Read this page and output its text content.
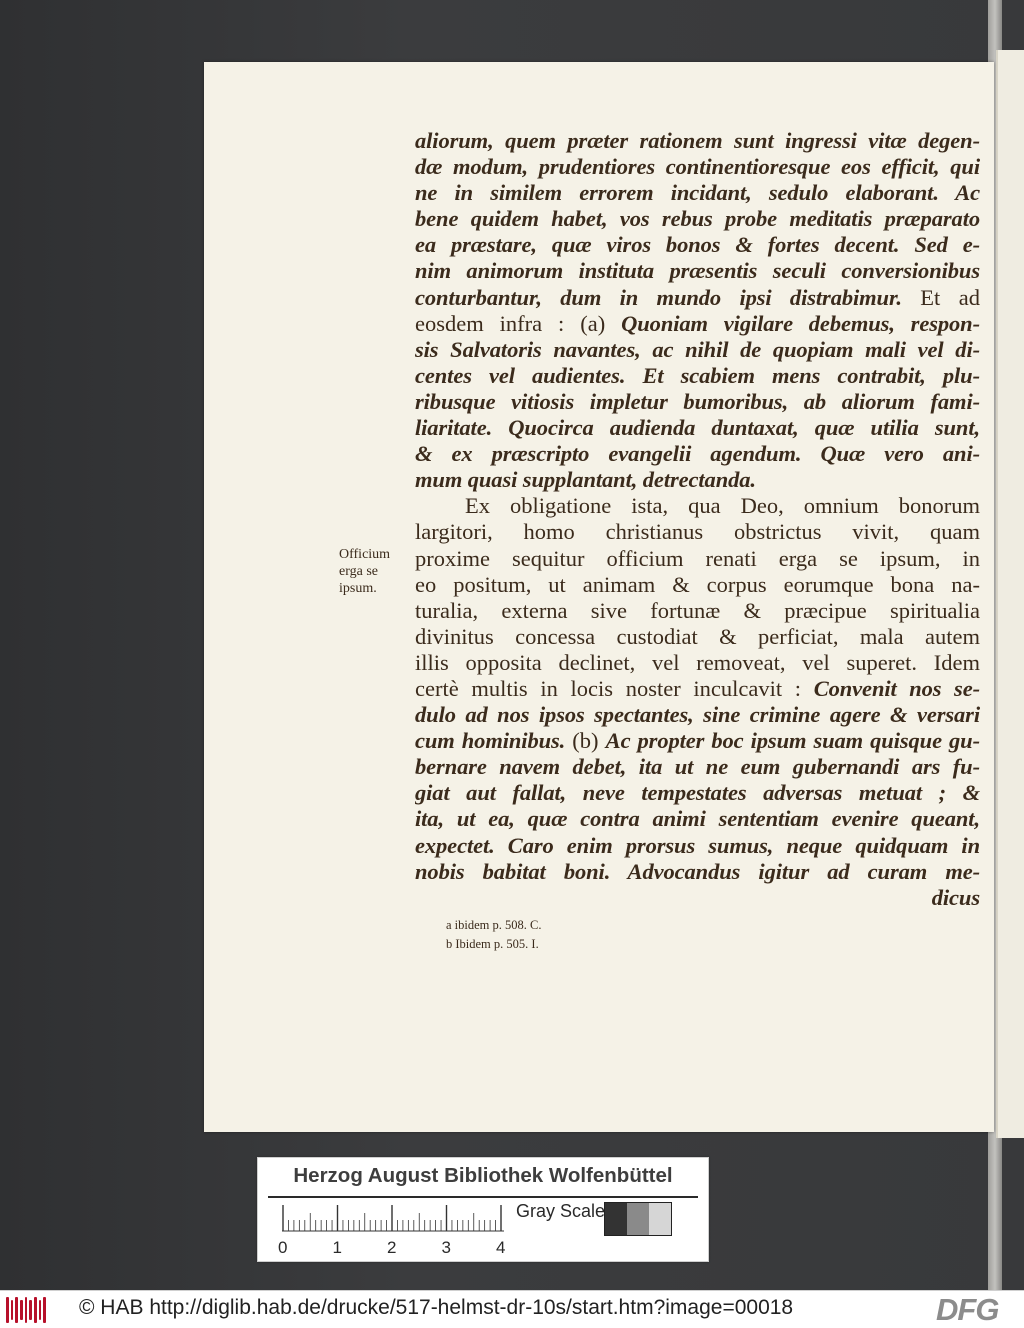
aliorum, quem præter rationem sunt ingressi vitæ degen-
dæ modum, prudentiores continentioresque eos efficit, qui
ne in similem errorem incidant, sedulo elaborant. Ac
bene quidem habet, vos rebus probe meditatis præparato
ea præstare, quæ viros bonos & fortes decent. Sed e-
nim animorum instituta præsentis seculi conversionibus
conturbantur, dum in mundo ipsi distrabimur. Et ad
eosdem infra : (a) Quoniam vigilare debemus, respon-
sis Salvatoris navantes, ac nihil de quopiam mali vel di-
centes vel audientes. Et scabiem mens contrabit, plu-
ribusque vitiosis impletur bumoribus, ab aliorum fami-
liaritate. Quocirca audienda duntaxat, quæ utilia sunt,
& ex præscripto evangelii agendum. Quæ vero ani-
mum quasi supplantant, detrectanda.
Ex obligatione ista, qua Deo, omnium bonorum
largitori, homo christianus obstrictus vivit, quam
proxime sequitur officium renati erga se ipsum, in
eo positum, ut animam & corpus eorumque bona na-
turalia, externa sive fortunæ & præcipue spiritualia
divinitus concessa custodiat & perficiat, mala autem
illis opposita declinet, vel removeat, vel superet. Idem
certè multis in locis noster inculcavit : Convenit nos se-
dulo ad nos ipsos spectantes, sine crimine agere & versari
cum hominibus. (b) Ac propter boc ipsum suam quisque gu-
bernare navem debet, ita ut ne eum gubernandi ars fu-
giat aut fallat, neve tempestates adversas metuat ; &
ita, ut ea, quæ contra animi sententiam evenire queant,
expectet. Caro enim prorsus sumus, neque quidquam in
nobis babitat boni. Advocandus igitur ad curam me-
dicus
Officium
erga se
ipsum.
a ibidem p. 508. C.
b Ibidem p. 505. I.
Herzog August Bibliothek Wolfenbüttel
Gray Scale
0	1	2	3	4
© HAB http://diglib.hab.de/drucke/517-helmst-dr-10s/start.htm?image=00018	DFG
